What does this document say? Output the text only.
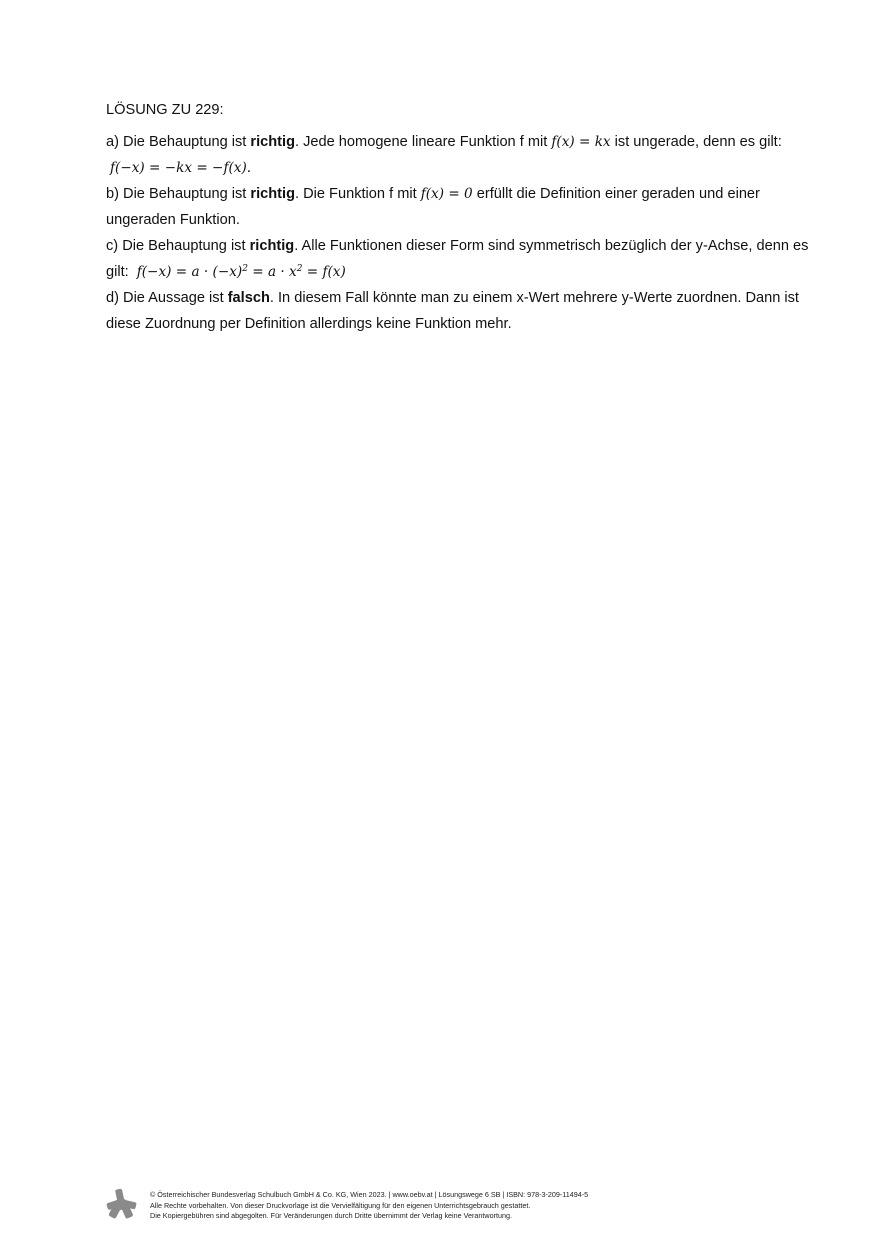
LÖSUNG ZU 229:

a) Die Behauptung ist richtig. Jede homogene lineare Funktion f mit f(x) = kx ist ungerade, denn es gilt:
f(−x) = −kx = −f(x).

b) Die Behauptung ist richtig. Die Funktion f mit f(x) = 0 erfüllt die Definition einer geraden und einer ungeraden Funktion.

c) Die Behauptung ist richtig. Alle Funktionen dieser Form sind symmetrisch bezüglich der y-Achse, denn es gilt: $f(-x) = a \cdot (-x)^2 = a \cdot x^2 = f(x)$

d) Die Aussage ist falsch. In diesem Fall könnte man zu einem x-Wert mehrere y-Werte zuordnen. Dann ist diese Zuordnung per Definition allerdings keine Funktion mehr.

© Österreichischer Bundesverlag Schulbuch GmbH & Co. KG, Wien 2023. | www.oebv.at | Lösungswege 6 SB | ISBN: 978-3-209-11494-5
Alle Rechte vorbehalten. Von dieser Druckvorlage ist die Vervielfältigung für den eigenen Unterrichtsgebrauch gestattet.
Die Kopiergebühren sind abgegolten. Für Veränderungen durch Dritte übernimmt der Verlag keine Verantwortung.
